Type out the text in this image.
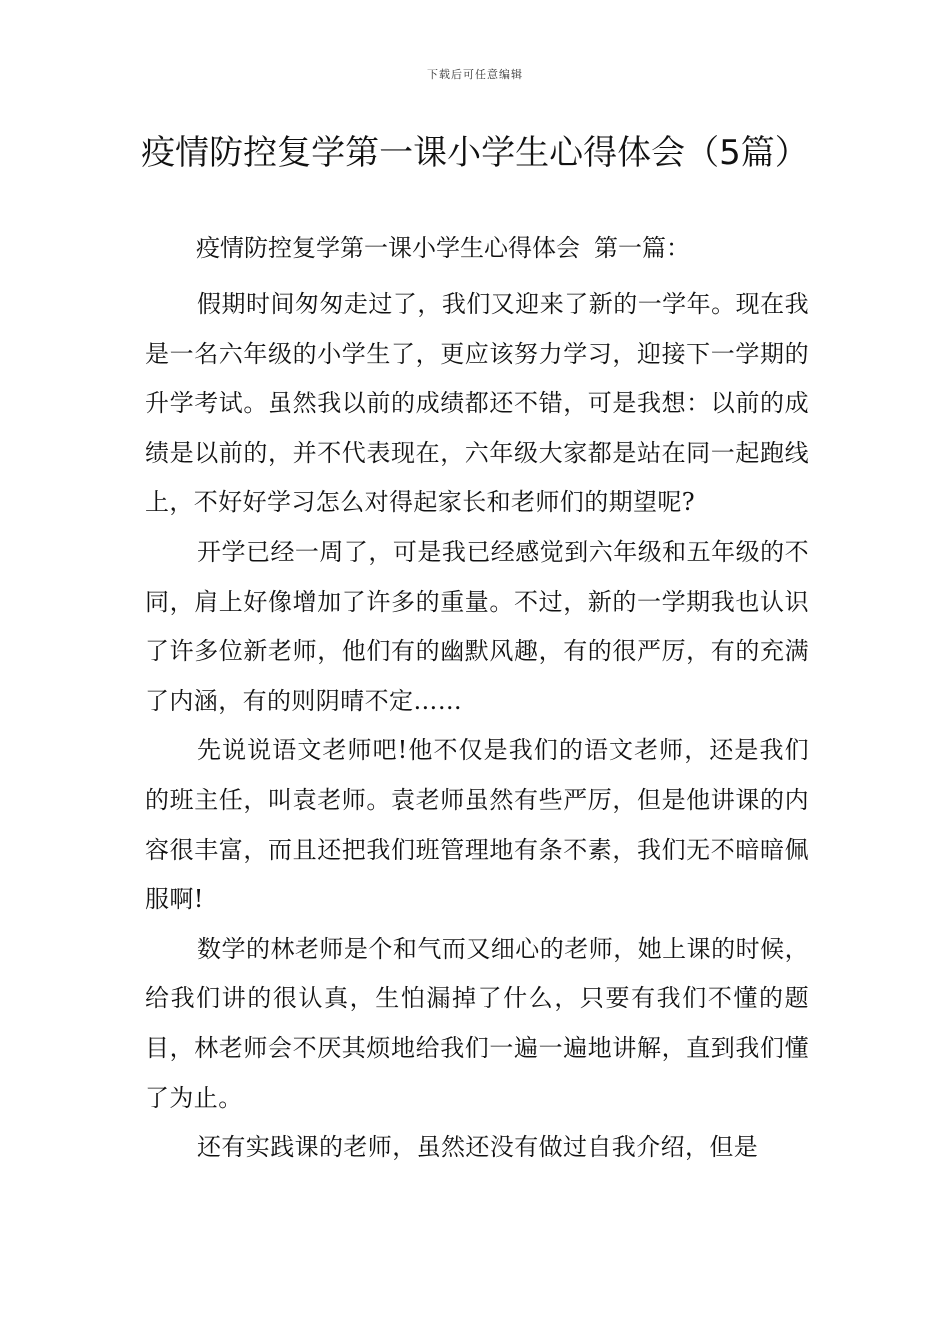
下载后可任意编辑
疫情防控复学第一课小学生心得体会（5篇）
疫情防控复学第一课小学生心得体会 第一篇：

假期时间匆匆走过了，我们又迎来了新的一学年。现在我是一名六年级的小学生了，更应该努力学习，迎接下一学期的升学考试。虽然我以前的成绩都还不错，可是我想：以前的成绩是以前的，并不代表现在，六年级大家都是站在同一起跑线上，不好好学习怎么对得起家长和老师们的期望呢?

开学已经一周了，可是我已经感觉到六年级和五年级的不同，肩上好像增加了许多的重量。不过，新的一学期我也认识了许多位新老师，他们有的幽默风趣，有的很严厉，有的充满了内涵，有的则阴晴不定……

先说说语文老师吧!他不仅是我们的语文老师，还是我们的班主任，叫袁老师。袁老师虽然有些严厉，但是他讲课的内容很丰富，而且还把我们班管理地有条不素，我们无不暗暗佩服啊!

数学的林老师是个和气而又细心的老师，她上课的时候，给我们讲的很认真，生怕漏掉了什么，只要有我们不懂的题目，林老师会不厌其烦地给我们一遍一遍地讲解，直到我们懂了为止。

还有实践课的老师，虽然还没有做过自我介绍，但是
